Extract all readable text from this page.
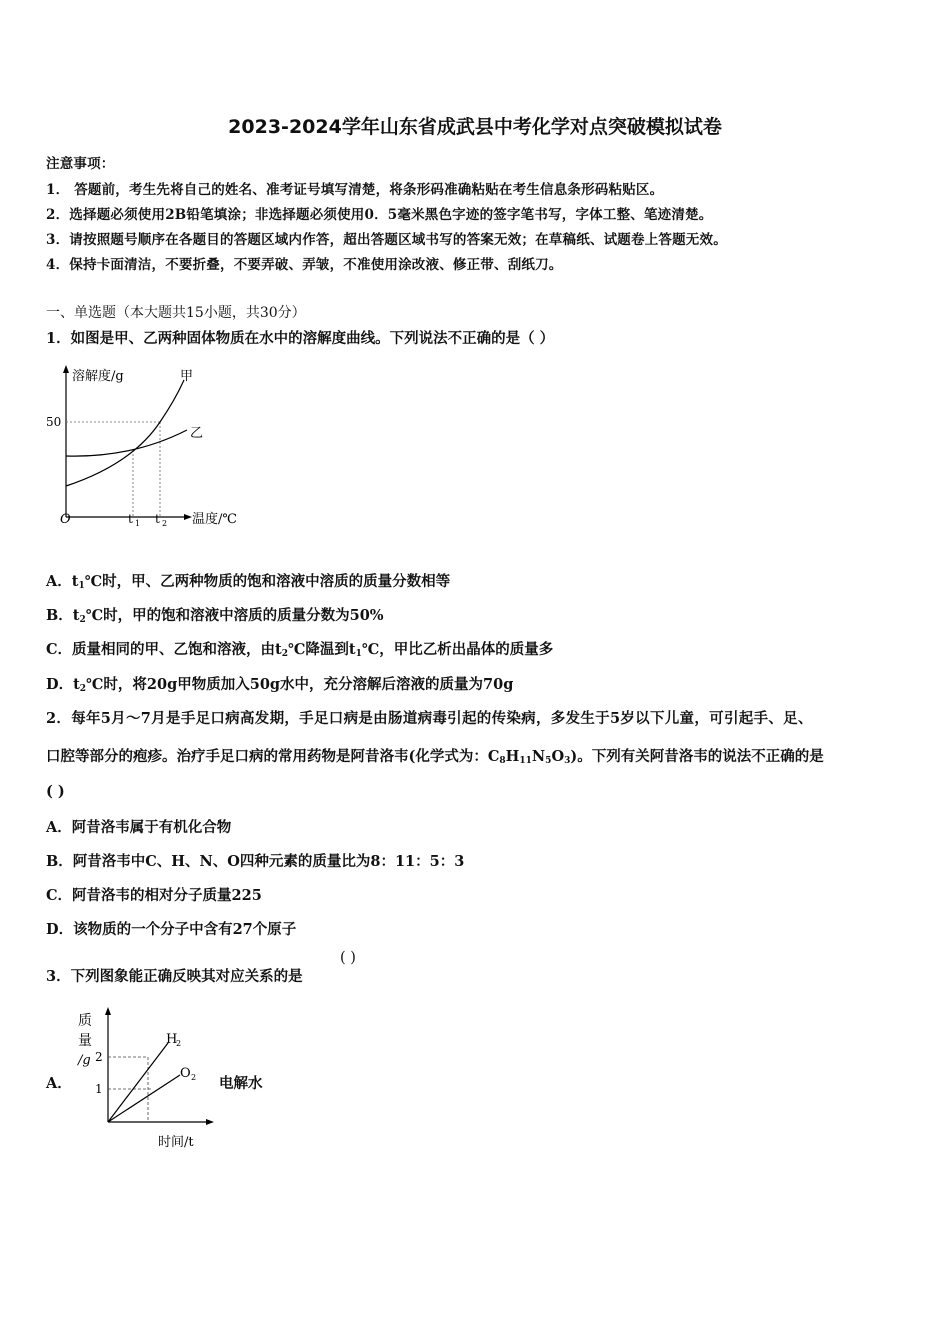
2023-2024学年山东省成武县中考化学对点突破模拟试卷
注意事项：
1． 答题前，考生先将自己的姓名、准考证号填写清楚，将条形码准确粘贴在考生信息条形码粘贴区。
2．选择题必须使用2B铅笔填涂；非选择题必须使用0．5毫米黑色字迹的签字笔书写，字体工整、笔迹清楚。
3．请按照题号顺序在各题目的答题区域内作答，超出答题区域书写的答案无效；在草稿纸、试题卷上答题无效。
4．保持卡面清洁，不要折叠，不要弄破、弄皱，不准使用涂改液、修正带、刮纸刀。
一、单选题（本大题共15小题，共30分）
1．如图是甲、乙两种固体物质在水中的溶解度曲线。下列说法不正确的是（ ）
溶解度/g	甲
乙
50
O	t 1 t 2 温度/℃
A．$t_1℃$时，甲、乙两种物质的饱和溶液中溶质的质量分数相等
B．$t_2℃$时，甲的饱和溶液中溶质的质量分数为50%
C．质量相同的甲、乙饱和溶液，由$t_2℃$降温到$t_1℃$，甲比乙析出晶体的质量多
D．$t_2℃$时，将20g甲物质加入50g水中，充分溶解后溶液的质量为70g
2．每年5月～7月是手足口病高发期，手足口病是由肠道病毒引起的传染病，多发生于5岁以下儿童，可引起手、足、
口腔等部分的疱疹。治疗手足口病的常用药物是阿昔洛韦(化学式为：$C_8H_{11}N_5O_3$)。下列有关阿昔洛韦的说法不正确的是
( )
A．阿昔洛韦属于有机化合物
B．阿昔洛韦中C、H、N、O四种元素的质量比为8：11：5：3
C．阿昔洛韦的相对分子质量225
D．该物质的一个分子中含有27个原子
3．下列图象能正确反映其对应关系的是
( )
A．
质
量
/g 2
1
H
2
O 2
时间/t
电解水
